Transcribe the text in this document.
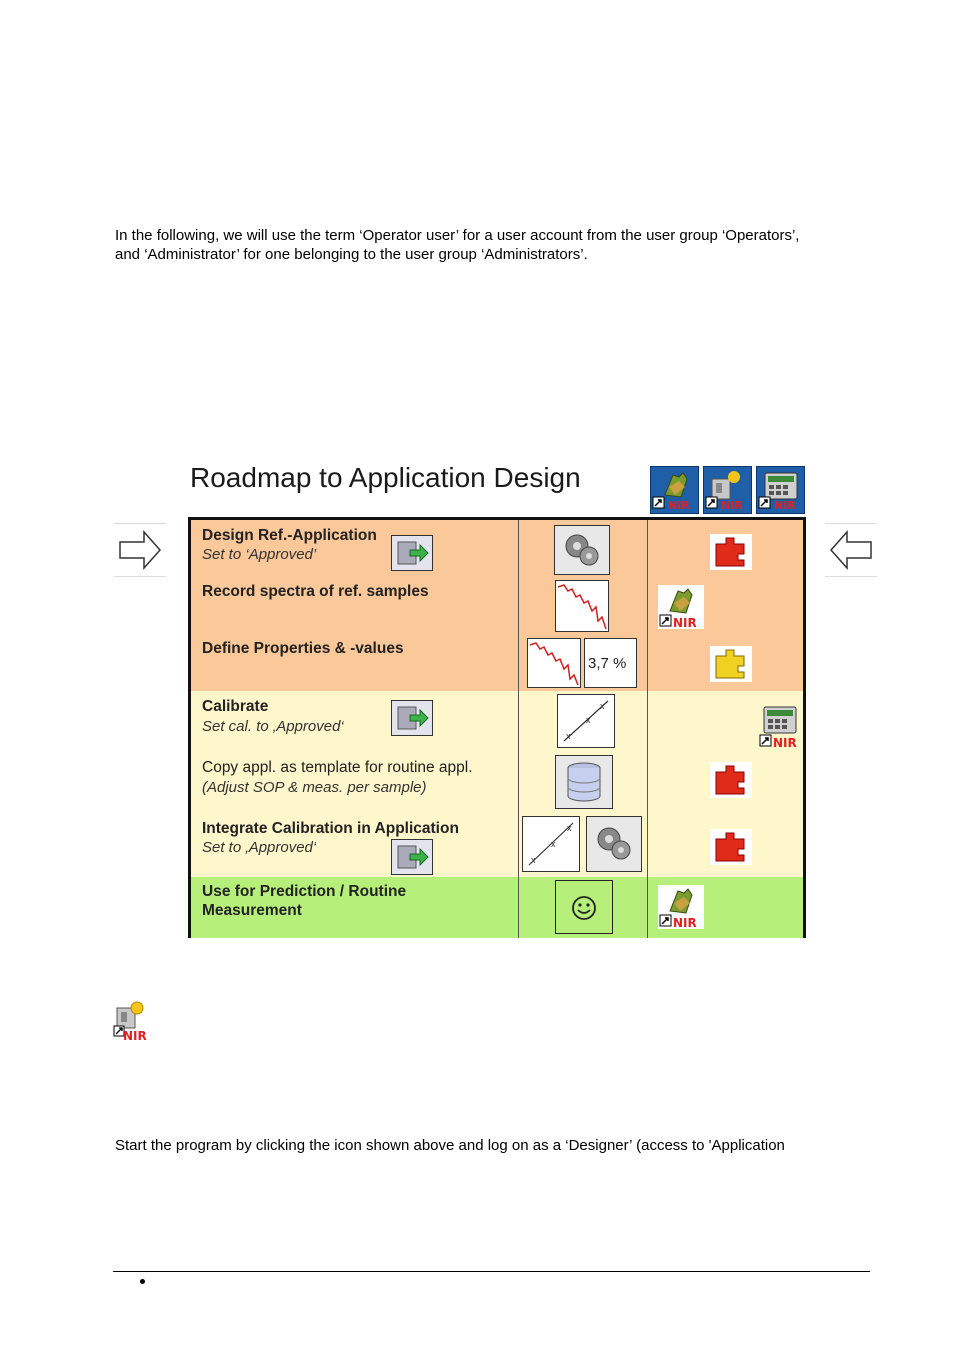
In the following, we will use the term ‘Operator user’ for a user account from the user group ‘Operators’,
and ‘Administrator’ for one belonging to the user group ‘Administrators’.
Roadmap to Application Design
NIR	NIR	NIR
Design Ref.-Application
Set to ‘Approved’
Record spectra of ref. samples
NIR
Define Properties & -values
3,7 %
Calibrate
Set cal. to ‚Approved‘
x
x
x
NIR
Copy appl. as template for routine appl.
(Adjust SOP & meas. per sample)
Integrate Calibration in Application
Set to ‚Approved‘
x
x
x
Use for Prediction / Routine
Measurement
NIR
NIR
Start the program by clicking the icon shown above and log on as a ‘Designer’ (access to 'Application
